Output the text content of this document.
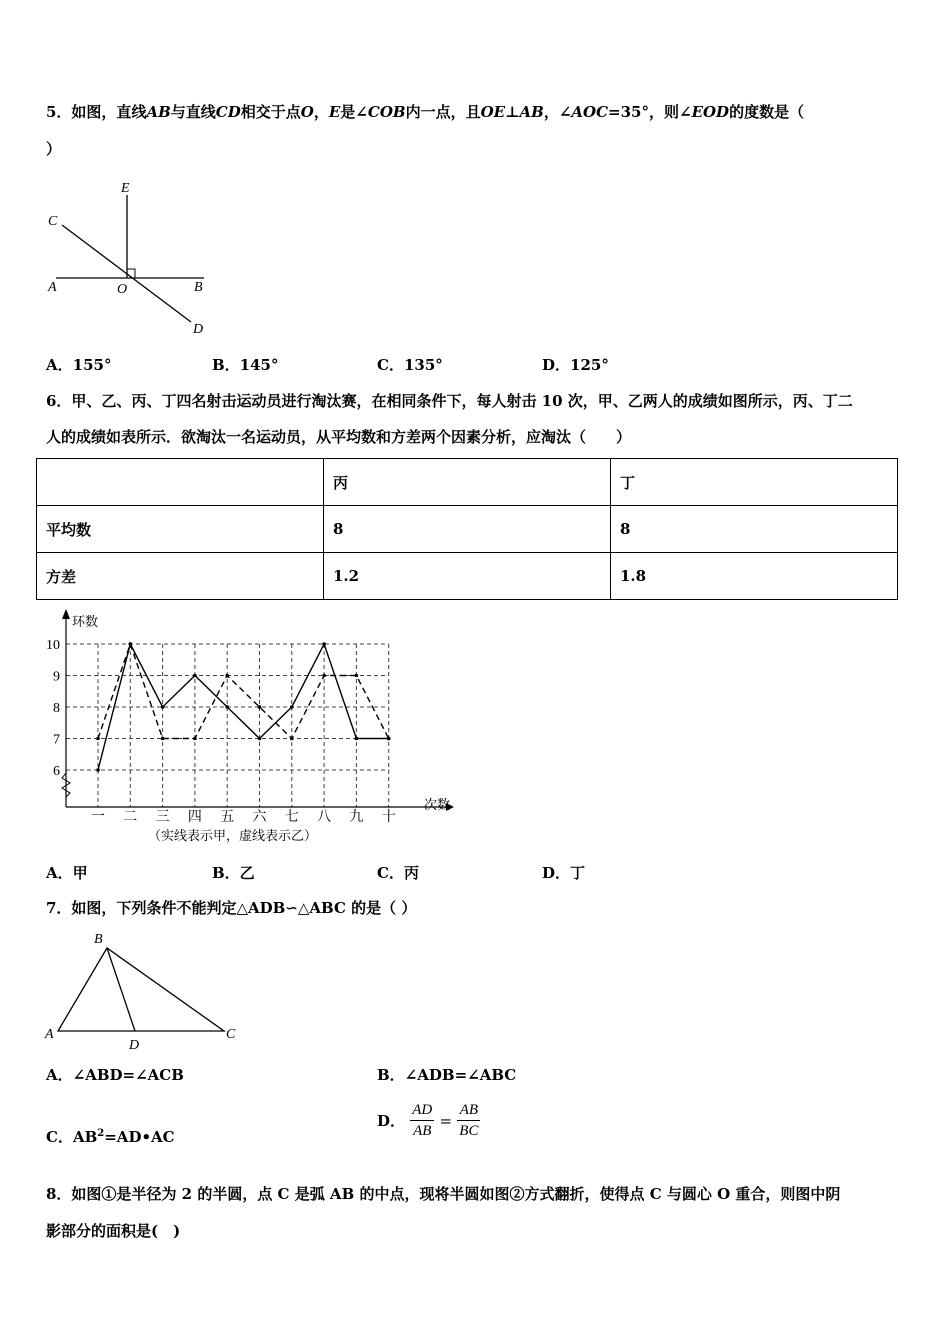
5．如图，直线AB与直线CD相交于点O，E是∠COB内一点，且OE⊥AB，∠AOC=35°，则∠EOD的度数是（
）
E
C
A	O	B
D
A．155°	B．145°	C．135°	D．125°
6．甲、乙、丙、丁四名射击运动员进行淘汰赛，在相同条件下，每人射击 10 次，甲、乙两人的成绩如图所示，丙、丁二
人的成绩如表所示．欲淘汰一名运动员，从平均数和方差两个因素分析，应淘汰（　　）
	丙	丁
平均数	8	8
方差	1.2	1.8
环数
次数
6
7
8
9
10
一 二 三 四 五 六 七 八 九 十
（实线表示甲，虚线表示乙）
A．甲	B．乙	C．丙	D．丁
7．如图，下列条件不能判定△ADB∽△ABC 的是（ ）
B
A
D
C
A．∠ABD=∠ACB	B．∠ADB=∠ABC
C．$AB^2=AD•AC$
D． $\frac{AD}{AB} = \frac{AB}{BC}$
8．如图①是半径为 2 的半圆，点 C 是弧 AB 的中点，现将半圆如图②方式翻折，使得点 C 与圆心 O 重合，则图中阴
影部分的面积是(　)
